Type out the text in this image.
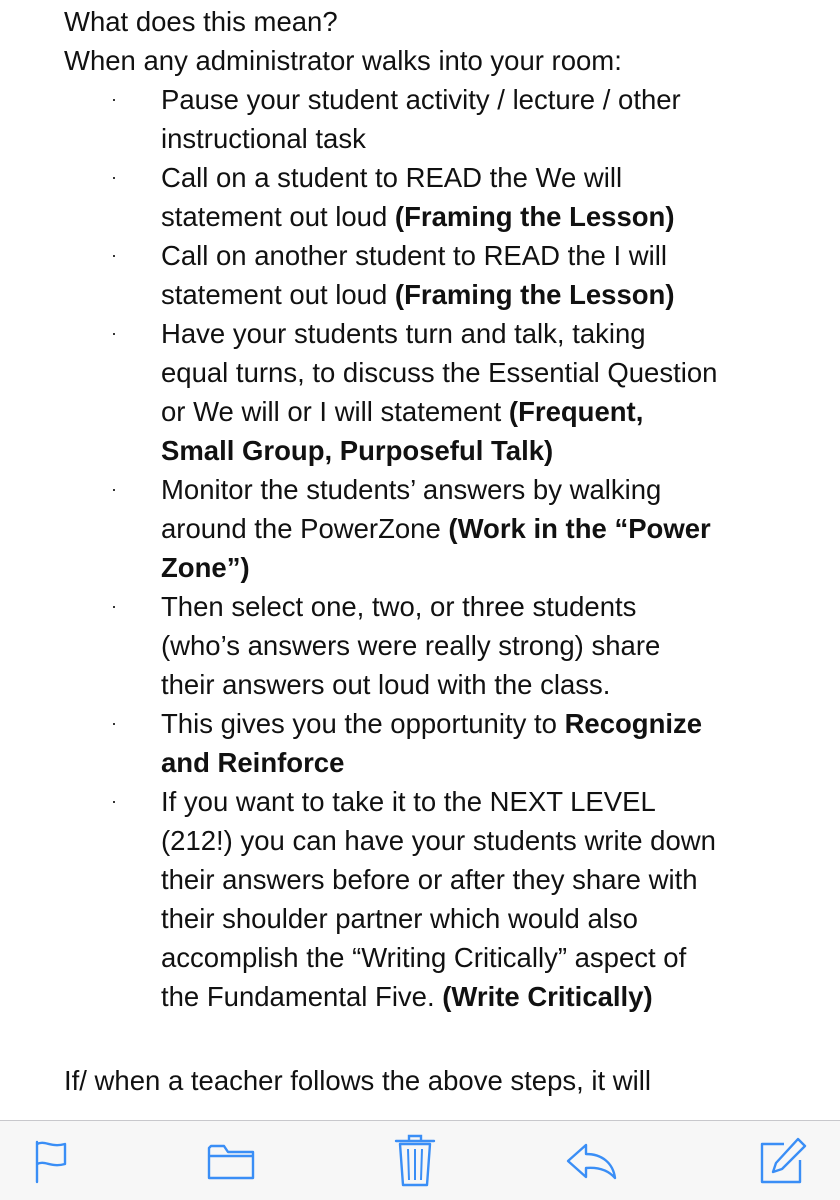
What does this mean?
When any administrator walks into your room:
· Pause your student activity / lecture / other
instructional task
· Call on a student to READ the We will
statement out loud (Framing the Lesson)
· Call on another student to READ the I will
statement out loud (Framing the Lesson)
· Have your students turn and talk, taking
equal turns, to discuss the Essential Question
or We will or I will statement (Frequent,
Small Group, Purposeful Talk)
· Monitor the students’ answers by walking
around the PowerZone (Work in the “Power
Zone”)
· Then select one, two, or three students
(who’s answers were really strong) share
their answers out loud with the class.
· This gives you the opportunity to Recognize
and Reinforce
· If you want to take it to the NEXT LEVEL
(212!) you can have your students write down
their answers before or after they share with
their shoulder partner which would also
accomplish the “Writing Critically” aspect of
the Fundamental Five. (Write Critically)
If/ when a teacher follows the above steps, it will
